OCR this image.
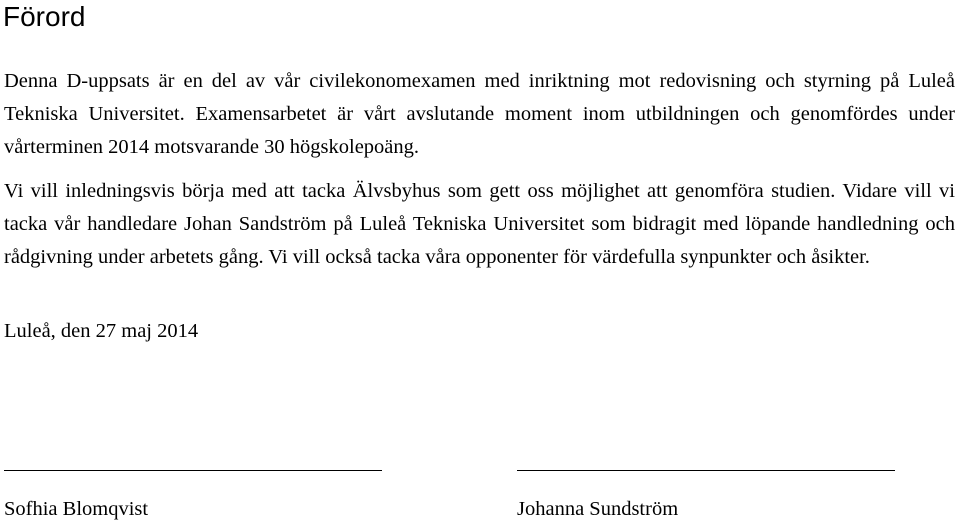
Förord

Denna D-uppsats är en del av vår civilekonomexamen med inriktning mot redovisning och styrning på Luleå Tekniska Universitet. Examensarbetet är vårt avslutande moment inom utbildningen och genomfördes under vårterminen 2014 motsvarande 30 högskolepoäng.

Vi vill inledningsvis börja med att tacka Älvsbyhus som gett oss möjlighet att genomföra studien. Vidare vill vi tacka vår handledare Johan Sandström på Luleå Tekniska Universitet som bidragit med löpande handledning och rådgivning under arbetets gång. Vi vill också tacka våra opponenter för värdefulla synpunkter och åsikter.

Luleå, den 27 maj 2014

Sofhia Blomqvist	Johanna Sundström
